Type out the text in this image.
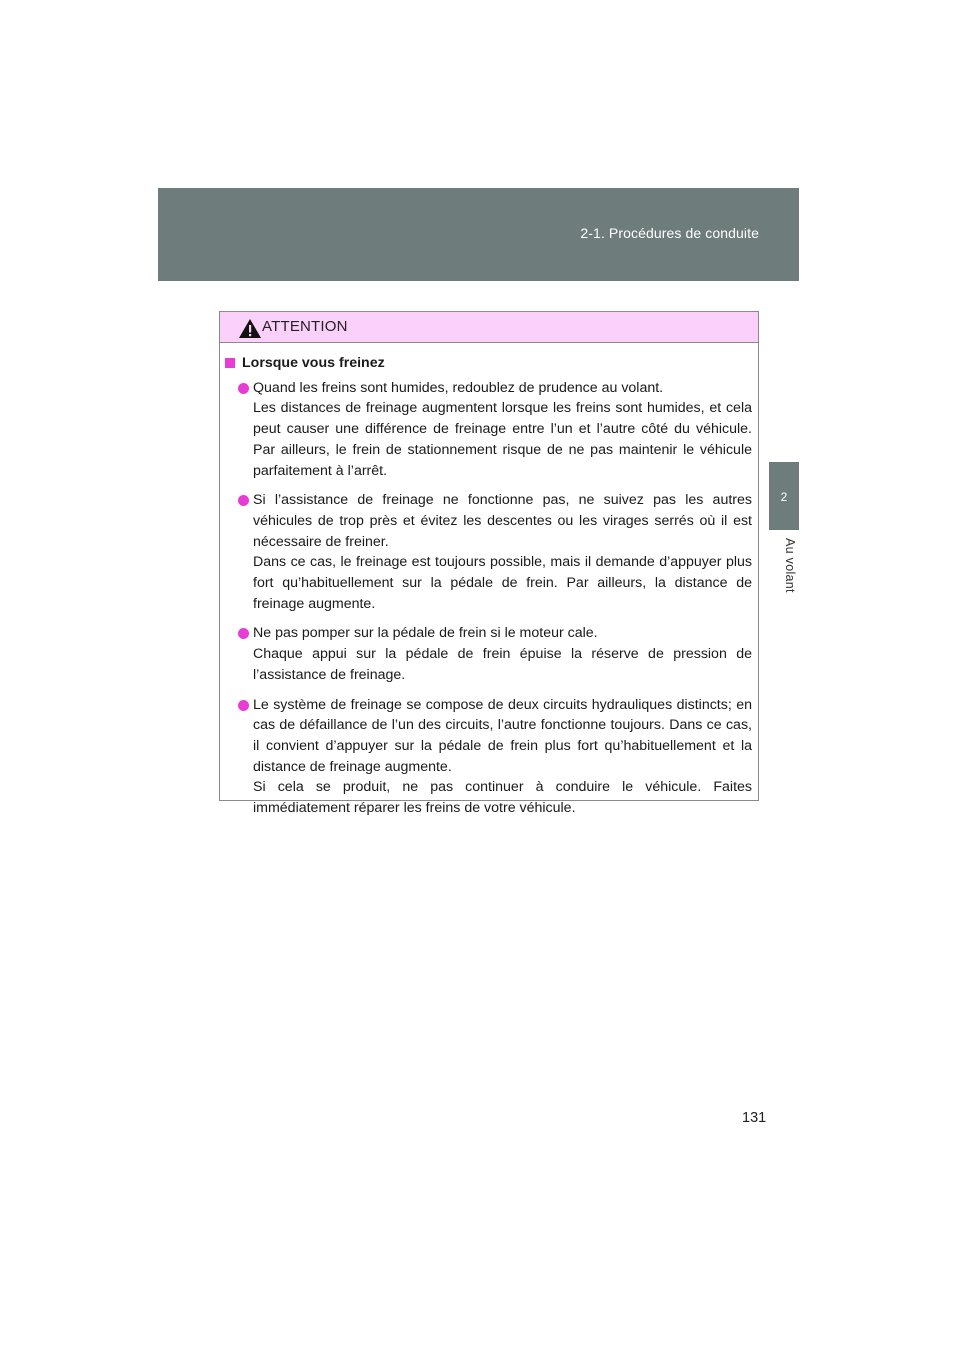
2-1. Procédures de conduite
2
Au volant
ATTENTION
Lorsque vous freinez

Quand les freins sont humides, redoublez de prudence au volant.

Les distances de freinage augmentent lorsque les freins sont humides, et cela peut causer une différence de freinage entre l’un et l’autre côté du véhicule. Par ailleurs, le frein de stationnement risque de ne pas maintenir le véhicule parfaitement à l’arrêt.

Si l’assistance de freinage ne fonctionne pas, ne suivez pas les autres véhicules de trop près et évitez les descentes ou les virages serrés où il est nécessaire de freiner.

Dans ce cas, le freinage est toujours possible, mais il demande d’appuyer plus fort qu’habituellement sur la pédale de frein. Par ailleurs, la distance de freinage augmente.

Ne pas pomper sur la pédale de frein si le moteur cale.

Chaque appui sur la pédale de frein épuise la réserve de pression de l’assistance de freinage.

Le système de freinage se compose de deux circuits hydrauliques distincts; en cas de défaillance de l’un des circuits, l’autre fonctionne toujours. Dans ce cas, il convient d’appuyer sur la pédale de frein plus fort qu’habituellement et la distance de freinage augmente.

Si cela se produit, ne pas continuer à conduire le véhicule. Faites immédiatement réparer les freins de votre véhicule.

131
